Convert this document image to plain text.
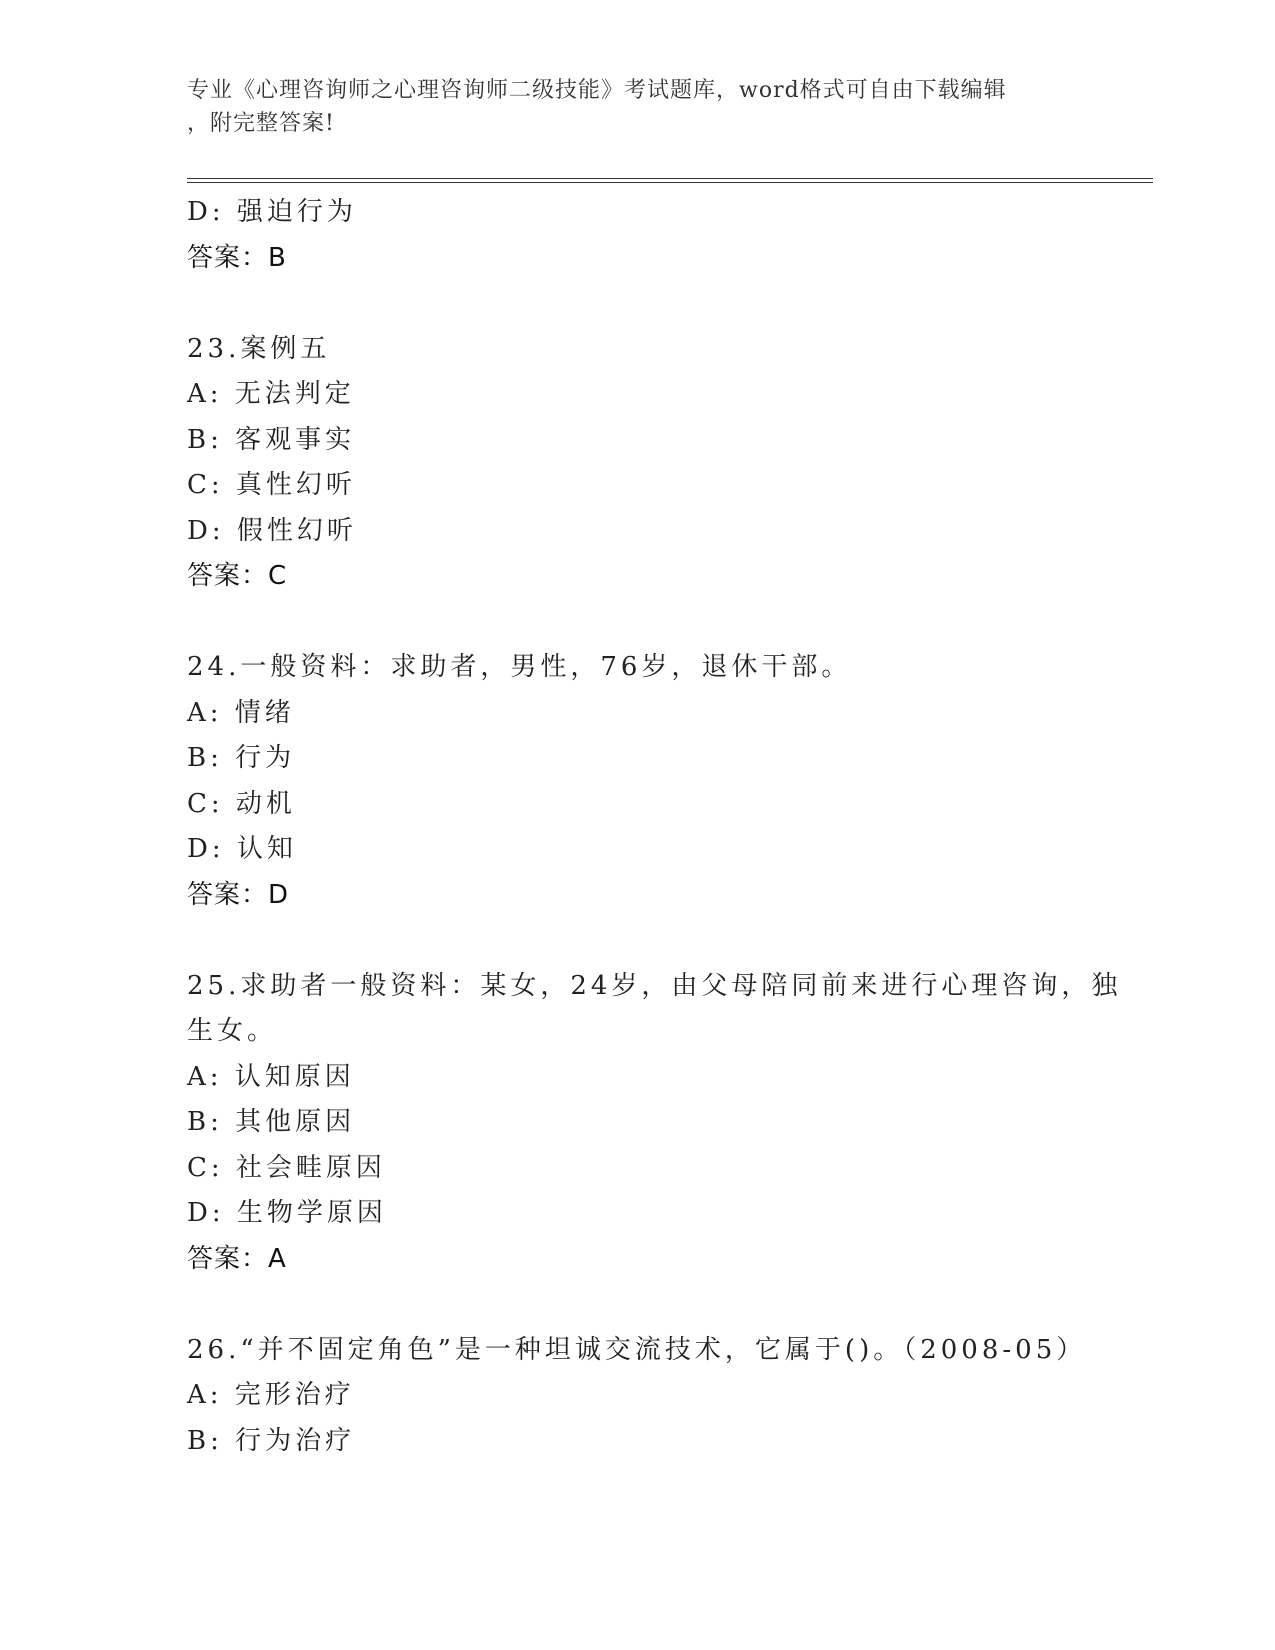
专业《心理咨询师之心理咨询师二级技能》考试题库，word格式可自由下载编辑
，附完整答案!
D: 强迫行为
答案：B
23.案例五
A: 无法判定
B: 客观事实
C: 真性幻听
D: 假性幻听
答案：C
24.一般资料：求助者，男性，76岁，退休干部。
A: 情绪
B: 行为
C: 动机
D: 认知
答案：D
25.求助者一般资料：某女，24岁，由父母陪同前来进行心理咨询，独
生女。
A: 认知原因
B: 其他原因
C: 社会畦原因
D: 生物学原因
答案：A
26.“并不固定角色”是一种坦诚交流技术，它属于()。（2008-05）
A: 完形治疗
B: 行为治疗
